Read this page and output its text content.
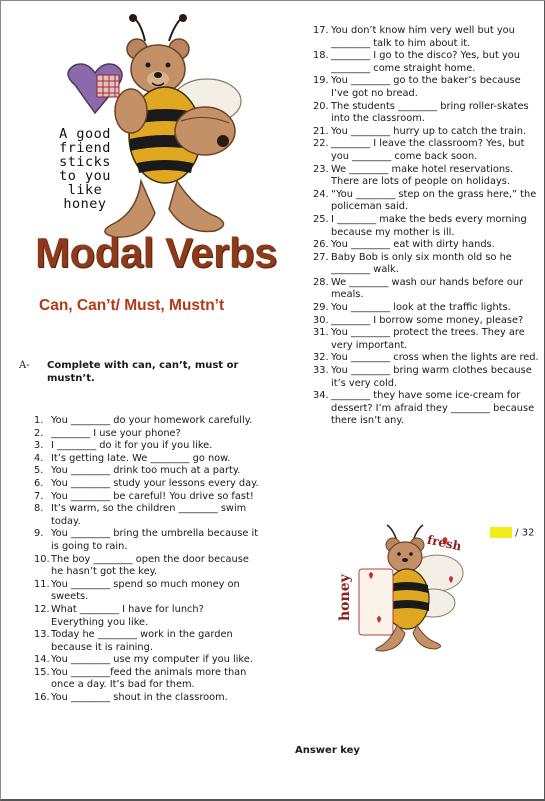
A good
friend
sticks
to you
like
honey
Modal Verbs
Can, Can’t/ Must, Mustn’t
A- Complete with can, can’t, must or mustn’t.
1. You ________ do your homework carefully.
2. ________ I use your phone?
3. I ________ do it for you if you like.
4. It’s getting late. We ________ go now.
5. You ________ drink too much at a party.
6. You ________ study your lessons every day.
7. You ________ be careful! You drive so fast!
8. It’s warm, so the children ________ swim today.
9. You ________ bring the umbrella because it is going to rain.
10. The boy ________ open the door because he hasn’t got the key.
11. You ________ spend so much money on sweets.
12. What ________ I have for lunch? Everything you like.
13. Today he ________ work in the garden because it is raining.
14. You ________ use my computer if you like.
15. You ________feed the animals more than once a day. It’s bad for them.
16. You ________ shout in the classroom.
17. You don’t know him very well but you ________ talk to him about it.
18. ________ I go to the disco? Yes, but you ________ come straight home.
19. You ________ go to the baker’s because I’ve got no bread.
20. The students ________ bring roller-skates into the classroom.
21. You ________ hurry up to catch the train.
22. ________ I leave the classroom? Yes, but you ________ come back soon.
23. We ________ make hotel reservations. There are lots of people on holidays.
24. “You ________ step on the grass here,” the policeman said.
25. I ________ make the beds every morning because my mother is ill.
26. You ________ eat with dirty hands.
27. Baby Bob is only six month old so he ________ walk.
28. We ________ wash our hands before our meals.
29. You ________ look at the traffic lights.
30. ________ I borrow some money, please?
31. You ________ protect the trees. They are very important.
32. You ________ cross when the lights are red.
33. You ________ bring warm clothes because it’s very cold.
34. ________ they have some ice-cream for dessert? I’m afraid they ________ because there isn’t any.
____ / 32
fresh
honey
Answer key
